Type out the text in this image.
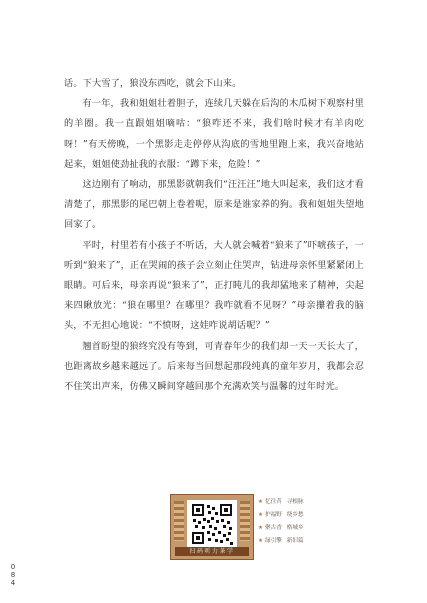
话。下大雪了，狼没东西吃，就会下山来。

有一年，我和姐姐壮着胆子，连续几天躲在后沟的木瓜树下观察村里的羊圈。我一直跟姐姐嘀咕：“狼咋还不来，我们啥时候才有羊肉吃呀！”有天傍晚，一个黑影走走停停从沟底的雪地里跑上来，我兴奋地站起来，姐姐使劲扯我的衣服：“蹲下来，危险！”

这边刚有了响动，那黑影就朝我们“汪汪汪”地大叫起来，我们这才看清楚了，那黑影的尾巴朝上卷着呢，原来是谁家养的狗。我和姐姐失望地回家了。

平时，村里若有小孩子不听话，大人就会喊着“狼来了”吓唬孩子，一听到“狼来了”，正在哭闹的孩子会立刻止住哭声，钻进母亲怀里紧紧闭上眼睛。可后来，母亲再说“狼来了”，正打盹儿的我却猛地来了精神，尖起来四瞅放光：“狼在哪里？在哪里？我咋就看不见呀？”母亲攥着我的脑头，不无担心地说：“不愤呀，这娃咋说胡话呢？”

翘首盼望的狼终究没有等到，可青春年少的我们却一天一天长大了，也距离故乡越来越远了。后来每当回想起那段纯真的童年岁月，我都会忍不住笑出声来，仿佛又瞬间穿越回那个充满欢笑与温馨的过年时光。

扫码听力茶学
★ 忆往昔 寻根脉
★ 护福野 绕乡愁
★ 聚古香 格城乡
★ 绿引擎 新旧篇
084
